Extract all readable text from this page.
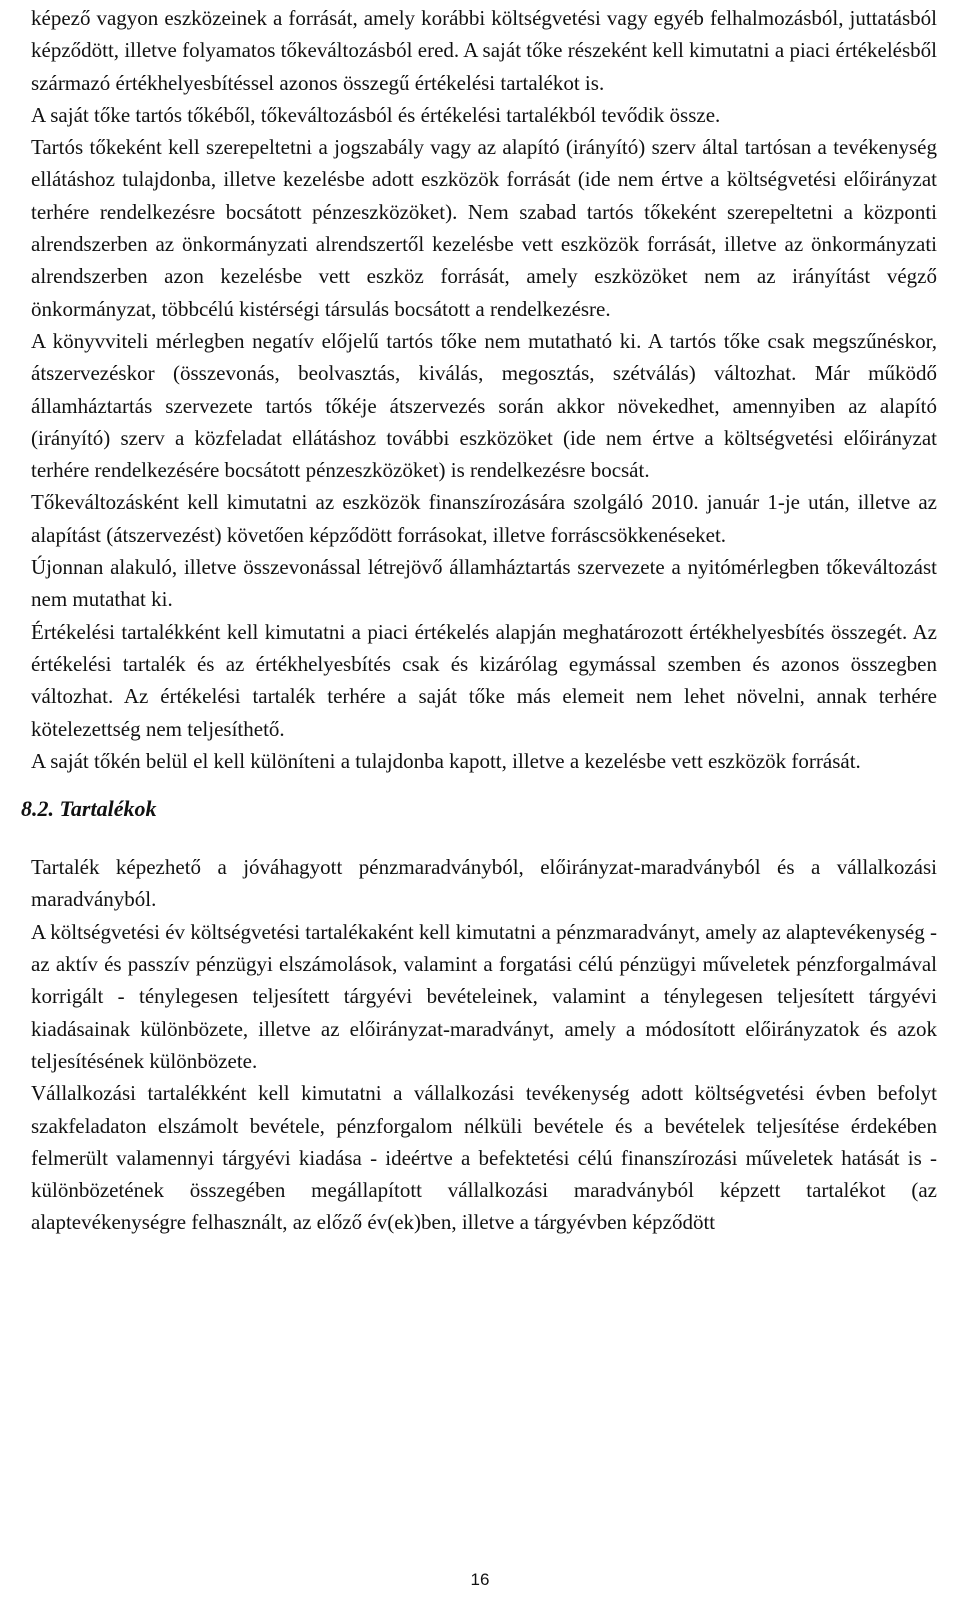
képező vagyon eszközeinek a forrását, amely korábbi költségvetési vagy egyéb felhalmozásból, juttatásból képződött, illetve folyamatos tőkeváltozásból ered. A saját tőke részeként kell kimutatni a piaci értékelésből származó értékhelyesbítéssel azonos összegű értékelési tartalékot is.

A saját tőke tartós tőkéből, tőkeváltozásból és értékelési tartalékból tevődik össze.

Tartós tőkeként kell szerepeltetni a jogszabály vagy az alapító (irányító) szerv által tartósan a tevékenység ellátáshoz tulajdonba, illetve kezelésbe adott eszközök forrását (ide nem értve a költségvetési előirányzat terhére rendelkezésre bocsátott pénzeszközöket). Nem szabad tartós tőkeként szerepeltetni a központi alrendszerben az önkormányzati alrendszertől kezelésbe vett eszközök forrását, illetve az önkormányzati alrendszerben azon kezelésbe vett eszköz forrását, amely eszközöket nem az irányítást végző önkormányzat, többcélú kistérségi társulás bocsátott a rendelkezésre.

A könyvviteli mérlegben negatív előjelű tartós tőke nem mutatható ki. A tartós tőke csak megszűnéskor, átszervezéskor (összevonás, beolvasztás, kiválás, megosztás, szétválás) változhat. Már működő államháztartás szervezete tartós tőkéje átszervezés során akkor növekedhet, amennyiben az alapító (irányító) szerv a közfeladat ellátáshoz további eszközöket (ide nem értve a költségvetési előirányzat terhére rendelkezésére bocsátott pénzeszközöket) is rendelkezésre bocsát.

Tőkeváltozásként kell kimutatni az eszközök finanszírozására szolgáló 2010. január 1-je után, illetve az alapítást (átszervezést) követően képződött forrásokat, illetve forráscsökkenéseket.

Újonnan alakuló, illetve összevonással létrejövő államháztartás szervezete a nyitómérlegben tőkeváltozást nem mutathat ki.

Értékelési tartalékként kell kimutatni a piaci értékelés alapján meghatározott értékhelyesbítés összegét. Az értékelési tartalék és az értékhelyesbítés csak és kizárólag egymással szemben és azonos összegben változhat. Az értékelési tartalék terhére a saját tőke más elemeit nem lehet növelni, annak terhére kötelezettség nem teljesíthető.

A saját tőkén belül el kell különíteni a tulajdonba kapott, illetve a kezelésbe vett eszközök forrását.

8.2. Tartalékok

Tartalék képezhető a jóváhagyott pénzmaradványból, előirányzat-maradványból és a vállalkozási maradványból.

A költségvetési év költségvetési tartalékaként kell kimutatni a pénzmaradványt, amely az alaptevékenység - az aktív és passzív pénzügyi elszámolások, valamint a forgatási célú pénzügyi műveletek pénzforgalmával korrigált - ténylegesen teljesített tárgyévi bevételeinek, valamint a ténylegesen teljesített tárgyévi kiadásainak különbözete, illetve az előirányzat-maradványt, amely a módosított előirányzatok és azok teljesítésének különbözete.

Vállalkozási tartalékként kell kimutatni a vállalkozási tevékenység adott költségvetési évben befolyt szakfeladaton elszámolt bevétele, pénzforgalom nélküli bevétele és a bevételek teljesítése érdekében felmerült valamennyi tárgyévi kiadása - ideértve a befektetési célú finanszírozási műveletek hatását is - különbözetének összegében megállapított vállalkozási maradványból képzett tartalékot (az alaptevékenységre felhasznált, az előző év(ek)ben, illetve a tárgyévben képződött

16
